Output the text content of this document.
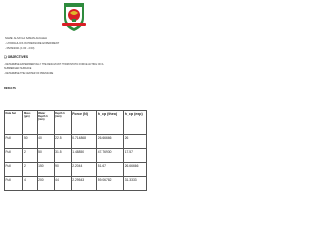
NAME: ALSAYLA SAMAN ALFALEH
- HYDRAULICS IN PRESSURE EXPERIMENT
- 05/09/2021 (1:00 - 2:00)
❑ OBJECTIVES
- DETERMINE EXPERIMENTALLY THE RESULTANT HYDROSTATIC FORCE ACTING ON A
SUBMERGED SURFACE
- DETERMINE THE CENTER OF PRESSURE
RESULTS
Data Set	Mass (gm)	Water Depth h (mm)	Depth h (mm)	Force (N)	h_cp (theo)	h_cp (exp)
Full	50	40	22.5	0.714868	26.66666	26
Full	2	50	31.5	1.48850	47.76930	17.57
Full	2	150	90	2.2044	51.67	26.66666
Full	4	200	44	2.29543	59.06782	31.3333
